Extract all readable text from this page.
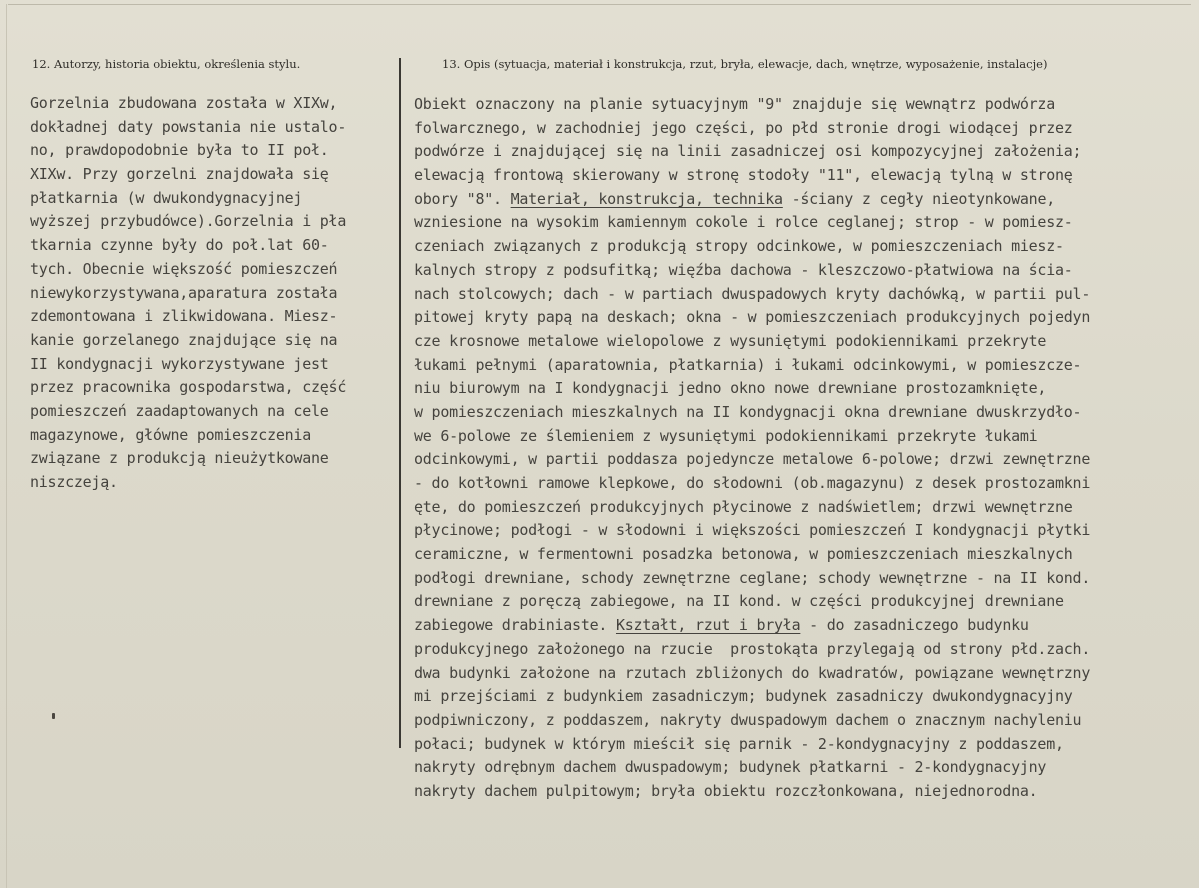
12. Autorzy, historia obiektu, określenia stylu.	13. Opis (sytuacja, materiał i konstrukcja, rzut, bryła, elewacje, dach, wnętrze, wyposażenie, instalacje)
Gorzelnia zbudowana została w XIXw,
dokładnej daty powstania nie ustalo-
no, prawdopodobnie była to II poł.
XIXw. Przy gorzelni znajdowała się
płatkarnia (w dwukondygnacyjnej
wyższej przybudówce).Gorzelnia i pła
tkarnia czynne były do poł.lat 60-
tych. Obecnie większość pomieszczeń
niewykorzystywana,aparatura została
zdemontowana i zlikwidowana. Miesz-
kanie gorzelanego znajdujące się na
II kondygnacji wykorzystywane jest
przez pracownika gospodarstwa, część
pomieszczeń zaadaptowanych na cele
magazynowe, główne pomieszczenia
związane z produkcją nieużytkowane
niszczeją.
Obiekt oznaczony na planie sytuacyjnym "9" znajduje się wewnątrz podwórza
folwarcznego, w zachodniej jego części, po płd stronie drogi wiodącej przez
podwórze i znajdującej się na linii zasadniczej osi kompozycyjnej założenia;
elewacją frontową skierowany w stronę stodoły "11", elewacją tylną w stronę
obory "8". Materiał, konstrukcja, technika -ściany z cegły nieotynkowane,
wzniesione na wysokim kamiennym cokole i rolce ceglanej; strop - w pomiesz-
czeniach związanych z produkcją stropy odcinkowe, w pomieszczeniach miesz-
kalnych stropy z podsufitką; więźba dachowa - kleszczowo-płatwiowa na ścia-
nach stolcowych; dach - w partiach dwuspadowych kryty dachówką, w partii pul-
pitowej kryty papą na deskach; okna - w pomieszczeniach produkcyjnych pojedyn
cze krosnowe metalowe wielopolowe z wysuniętymi podokiennikami przekryte
łukami pełnymi (aparatownia, płatkarnia) i łukami odcinkowymi, w pomieszcze-
niu biurowym na I kondygnacji jedno okno nowe drewniane prostozamknięte,
w pomieszczeniach mieszkalnych na II kondygnacji okna drewniane dwuskrzydło-
we 6-polowe ze ślemieniem z wysuniętymi podokiennikami przekryte łukami
odcinkowymi, w partii poddasza pojedyncze metalowe 6-polowe; drzwi zewnętrzne
- do kotłowni ramowe klepkowe, do słodowni (ob.magazynu) z desek prostozamkni
ęte, do pomieszczeń produkcyjnych płycinowe z nadświetlem; drzwi wewnętrzne
płycinowe; podłogi - w słodowni i większości pomieszczeń I kondygnacji płytki
ceramiczne, w fermentowni posadzka betonowa, w pomieszczeniach mieszkalnych
podłogi drewniane, schody zewnętrzne ceglane; schody wewnętrzne - na II kond.
drewniane z poręczą zabiegowe, na II kond. w części produkcyjnej drewniane
zabiegowe drabiniaste. Kształt, rzut i bryła - do zasadniczego budynku
produkcyjnego założonego na rzucie  prostokąta przylegają od strony płd.zach.
dwa budynki założone na rzutach zbliżonych do kwadratów, powiązane wewnętrzny
mi przejściami z budynkiem zasadniczym; budynek zasadniczy dwukondygnacyjny
podpiwniczony, z poddaszem, nakryty dwuspadowym dachem o znacznym nachyleniu
połaci; budynek w którym mieścił się parnik - 2-kondygnacyjny z poddaszem,
nakryty odrębnym dachem dwuspadowym; budynek płatkarni - 2-kondygnacyjny
nakryty dachem pulpitowym; bryła obiektu rozczłonkowana, niejednorodna.
